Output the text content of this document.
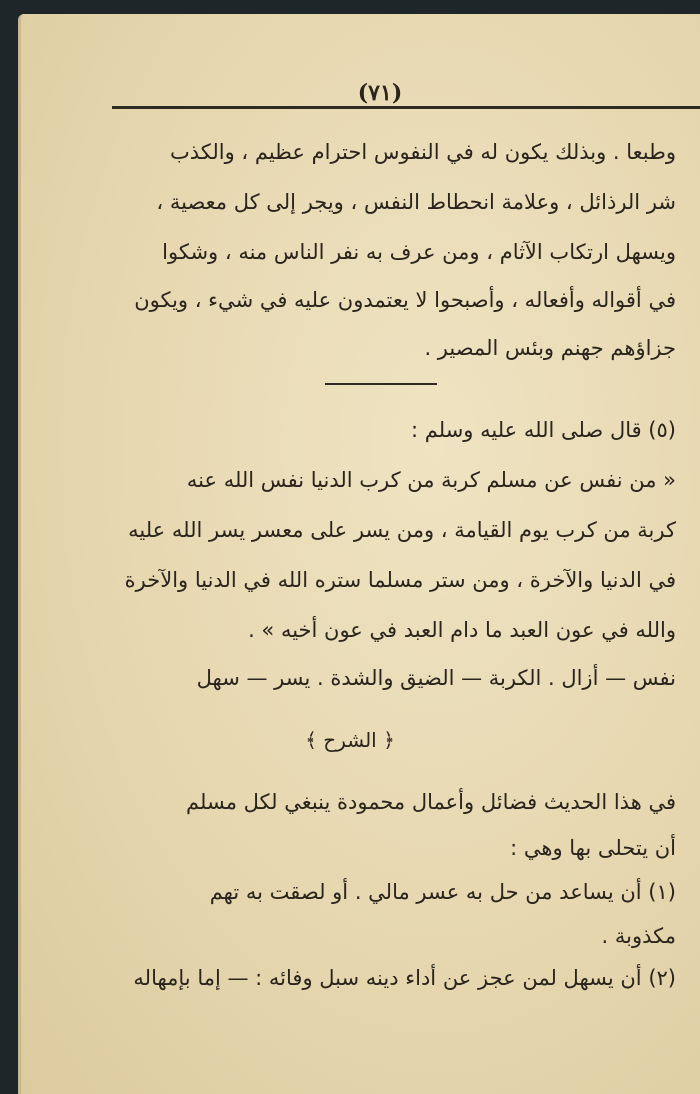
(٧١)
وطبعا . وبذلك يكون له في النفوس احترام عظيم ، والكذب
شر الرذائل ، وعلامة انحطاط النفس ، ويجر إلى كل معصية ،
ويسهل ارتكاب الآثام ، ومن عرف به نفر الناس منه ، وشكوا
في أقواله وأفعاله ، وأصبحوا لا يعتمدون عليه في شيء ، ويكون
جزاؤهم جهنم وبئس المصير .
(٥) قال صلى الله عليه وسلم :
« من نفس عن مسلم كربة من كرب الدنيا نفس الله عنه
كربة من كرب يوم القيامة ، ومن يسر على معسر يسر الله عليه
في الدنيا والآخرة ، ومن ستر مسلما ستره الله في الدنيا والآخرة
والله في عون العبد ما دام العبد في عون أخيه » .
نفس — أزال . الكربة — الضيق والشدة . يسر — سهل
﴿ الشرح ﴾
في هذا الحديث فضائل وأعمال محمودة ينبغي لكل مسلم
أن يتحلى بها وهي :
(١) أن يساعد من حل به عسر مالي . أو لصقت به تهم
مكذوبة .
(٢) أن يسهل لمن عجز عن أداء دينه سبل وفائه : — إما بإمهاله
